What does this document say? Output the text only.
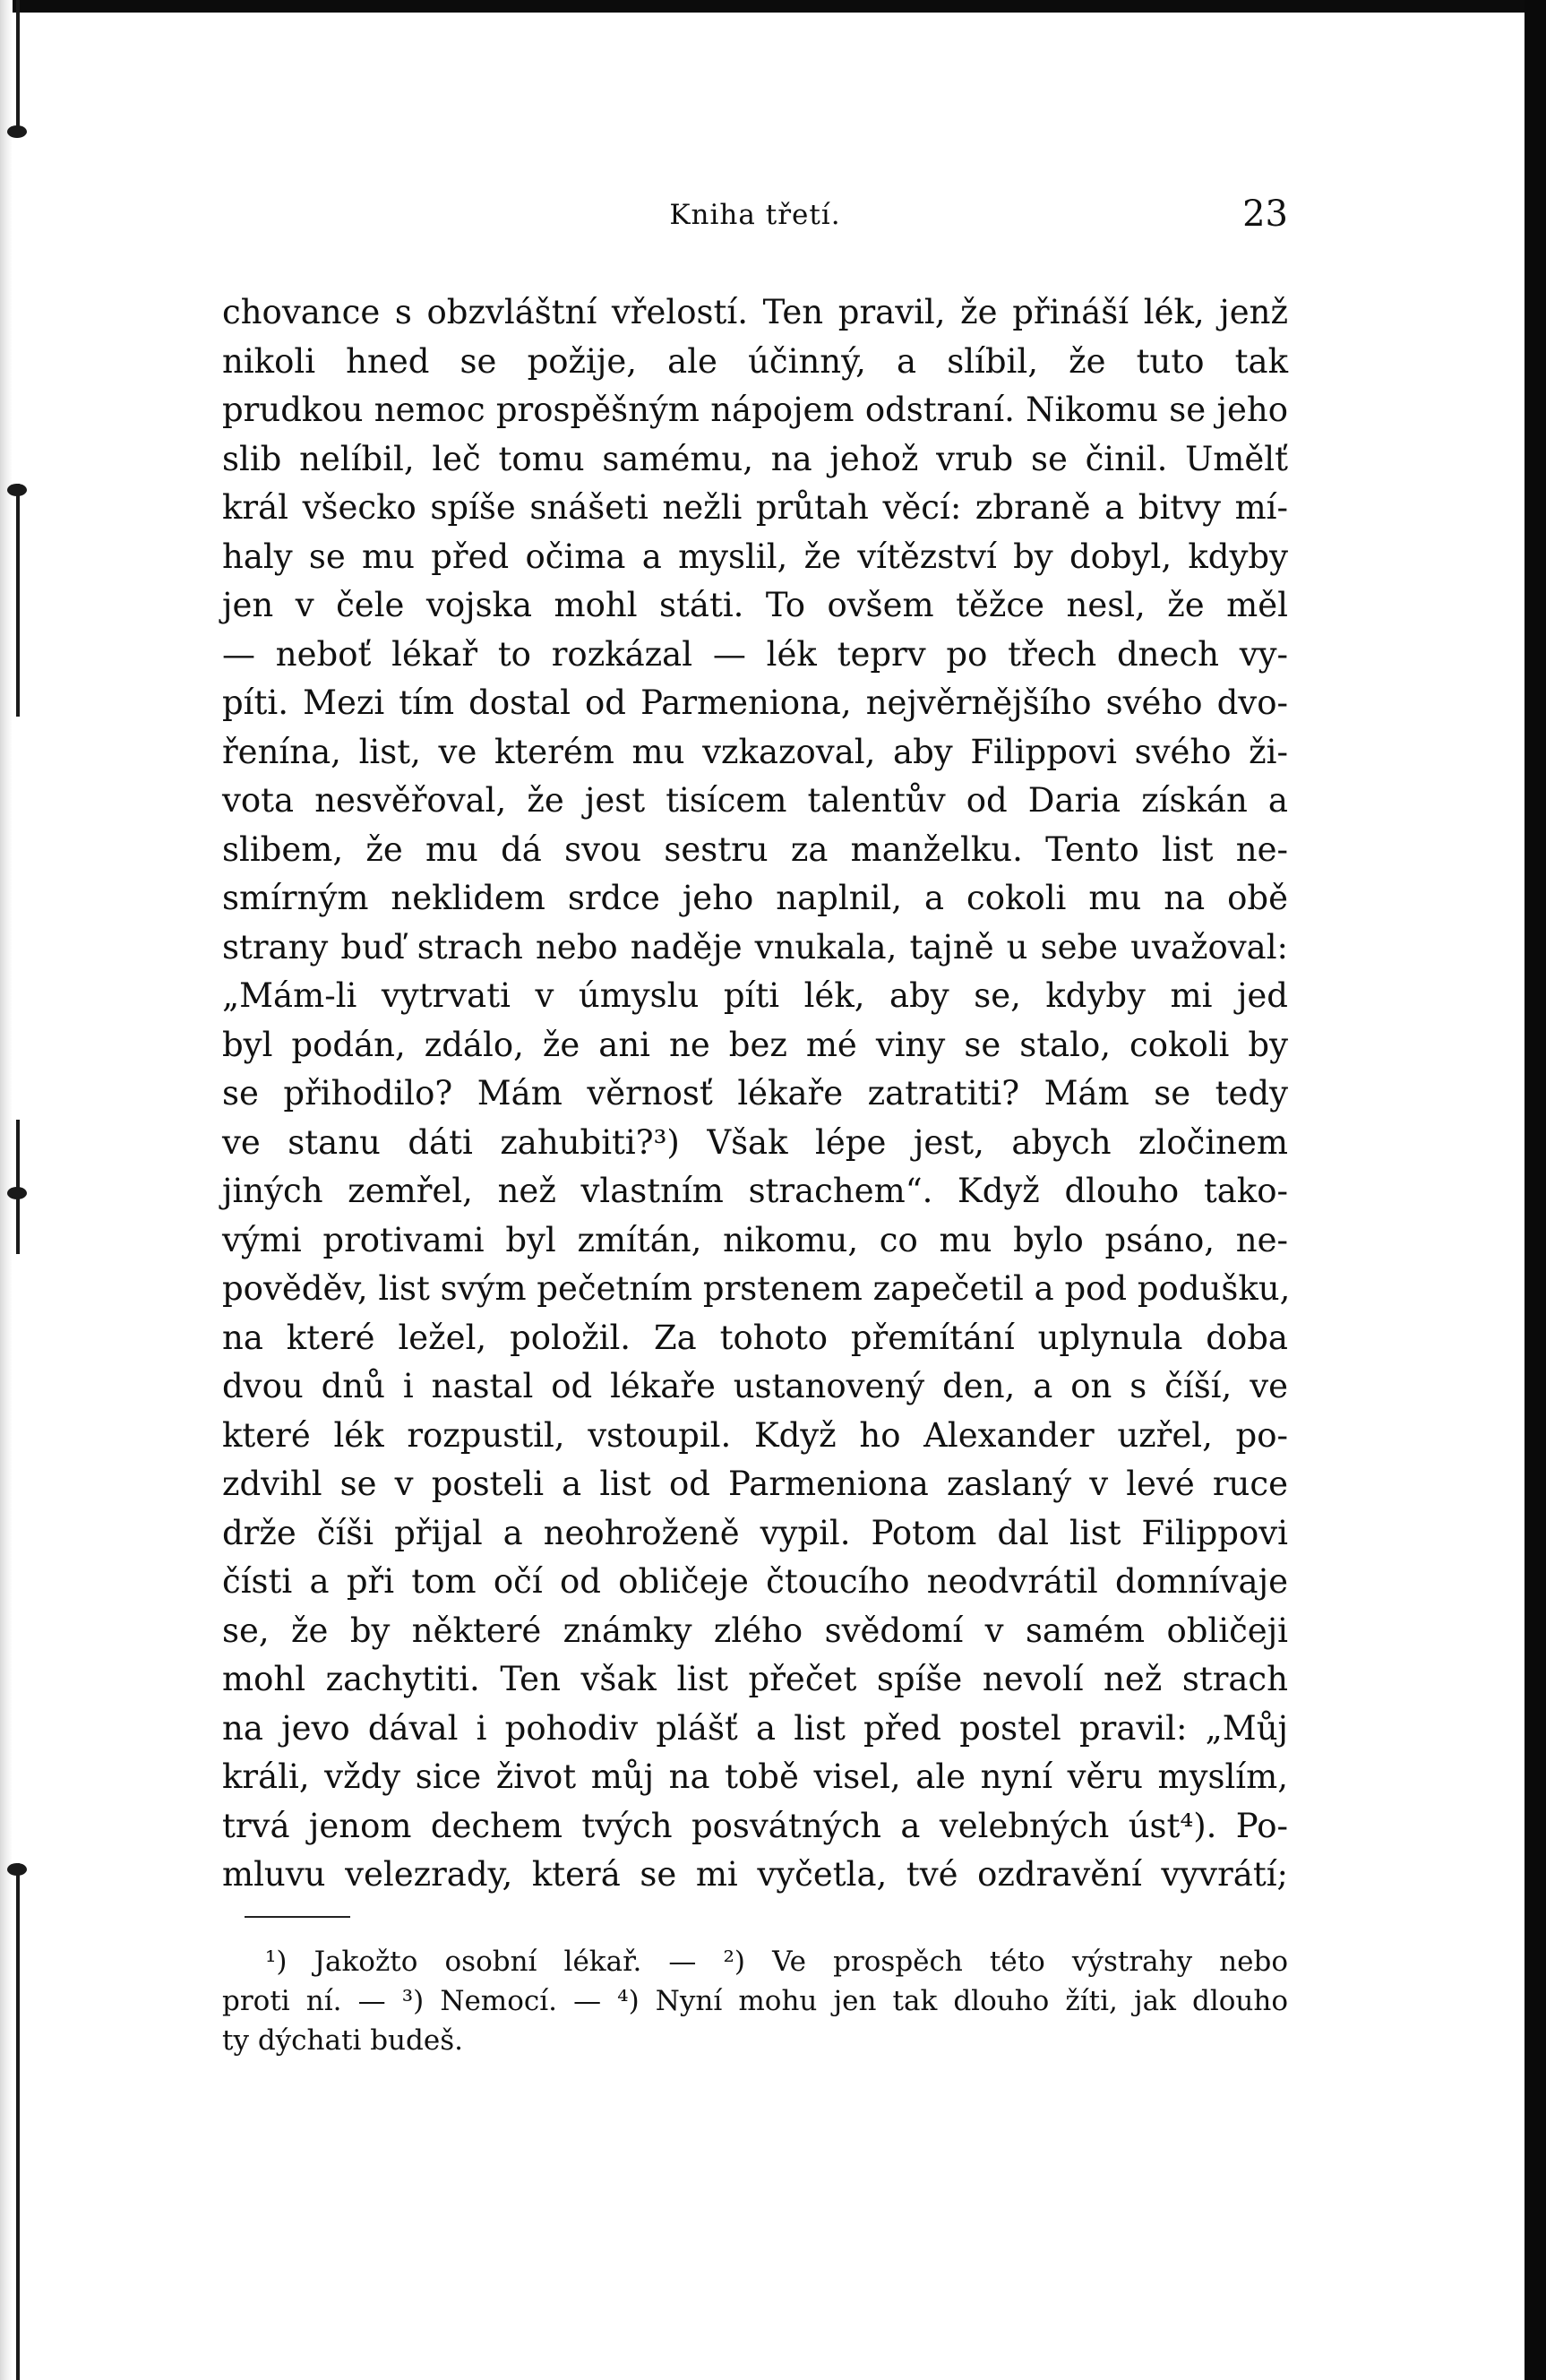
Kniha třetí.	23
chovance s obzvláštní vřelostí. Ten pravil, že přináší lék, jenž
nikoli hned se požije, ale účinný, a slíbil, že tuto tak
prudkou nemoc prospěšným nápojem odstraní. Nikomu se jeho
slib nelíbil, leč tomu samému, na jehož vrub se činil. Umělť
král všecko spíše snášeti nežli průtah věcí: zbraně a bitvy mí-
haly se mu před očima a myslil, že vítězství by dobyl, kdyby
jen v čele vojska mohl státi. To ovšem těžce nesl, že měl
— neboť lékař to rozkázal — lék teprv po třech dnech vy-
píti. Mezi tím dostal od Parmeniona, nejvěrnějšího svého dvo-
řenína, list, ve kterém mu vzkazoval, aby Filippovi svého ži-
vota nesvěřoval, že jest tisícem talentův od Daria získán a
slibem, že mu dá svou sestru za manželku. Tento list ne-
smírným neklidem srdce jeho naplnil, a cokoli mu na obě
strany buď strach nebo naděje vnukala, tajně u sebe uvažoval:
„Mám-li vytrvati v úmyslu píti lék, aby se, kdyby mi jed
byl podán, zdálo, že ani ne bez mé viny se stalo, cokoli by
se přihodilo? Mám věrnosť lékaře zatratiti? Mám se tedy
ve stanu dáti zahubiti?³) Však lépe jest, abych zločinem
jiných zemřel, než vlastním strachem“. Když dlouho tako-
vými protivami byl zmítán, nikomu, co mu bylo psáno, ne-
pověděv, list svým pečetním prstenem zapečetil a pod podušku,
na které ležel, položil. Za tohoto přemítání uplynula doba
dvou dnů i nastal od lékaře ustanovený den, a on s číší, ve
které lék rozpustil, vstoupil. Když ho Alexander uzřel, po-
zdvihl se v posteli a list od Parmeniona zaslaný v levé ruce
drže číši přijal a neohroženě vypil. Potom dal list Filippovi
čísti a při tom očí od obličeje čtoucího neodvrátil domnívaje
se, že by některé známky zlého svědomí v samém obličeji
mohl zachytiti. Ten však list přečet spíše nevolí než strach
na jevo dával i pohodiv plášť a list před postel pravil: „Můj
králi, vždy sice život můj na tobě visel, ale nyní věru myslím,
trvá jenom dechem tvých posvátných a velebných úst⁴). Po-
mluvu velezrady, která se mi vyčetla, tvé ozdravění vyvrátí;
¹) Jakožto osobní lékař. — ²) Ve prospěch této výstrahy nebo
proti ní. — ³) Nemocí. — ⁴) Nyní mohu jen tak dlouho žíti, jak dlouho
ty dýchati budeš.
